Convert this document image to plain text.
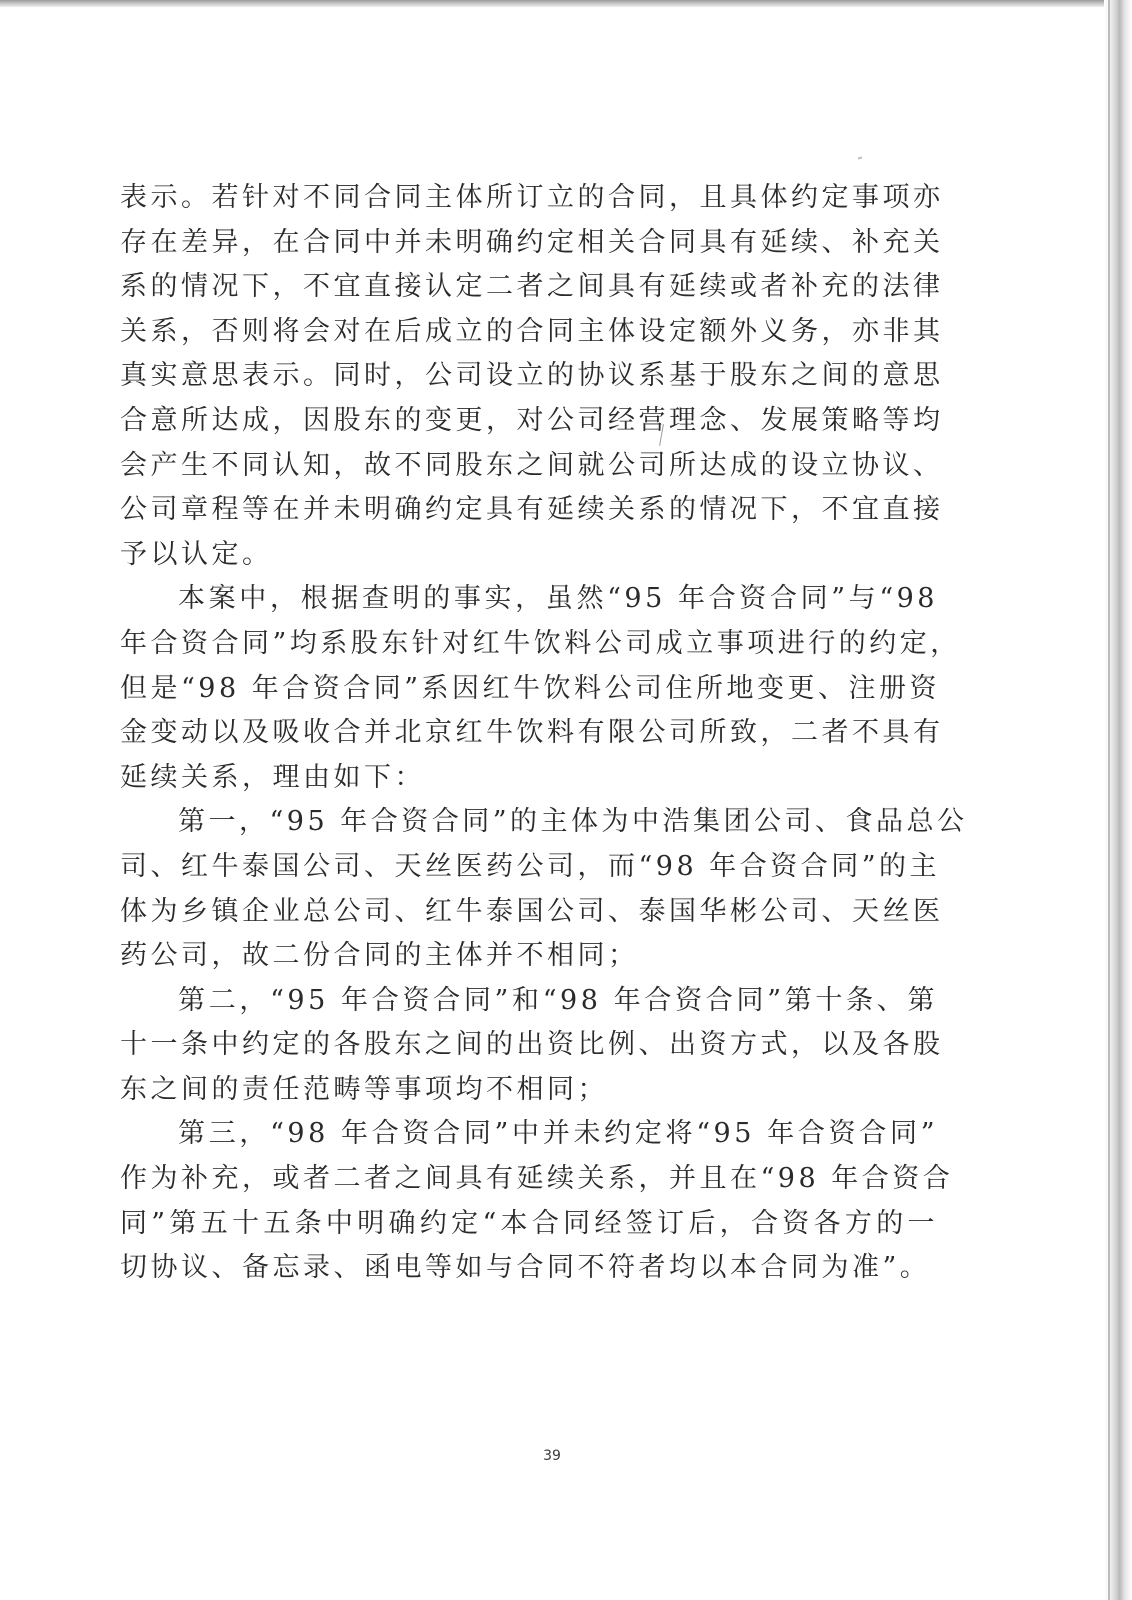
表示。若针对不同合同主体所订立的合同，且具体约定事项亦
存在差异，在合同中并未明确约定相关合同具有延续、补充关
系的情况下，不宜直接认定二者之间具有延续或者补充的法律
关系，否则将会对在后成立的合同主体设定额外义务，亦非其
真实意思表示。同时，公司设立的协议系基于股东之间的意思
合意所达成，因股东的变更，对公司经营理念、发展策略等均
会产生不同认知，故不同股东之间就公司所达成的设立协议、
公司章程等在并未明确约定具有延续关系的情况下，不宜直接
予以认定。
本案中，根据查明的事实，虽然“95 年合资合同”与“98
年合资合同”均系股东针对红牛饮料公司成立事项进行的约定，
但是“98 年合资合同”系因红牛饮料公司住所地变更、注册资
金变动以及吸收合并北京红牛饮料有限公司所致，二者不具有
延续关系，理由如下：
第一，“95 年合资合同”的主体为中浩集团公司、食品总公
司、红牛泰国公司、天丝医药公司，而“98 年合资合同”的主
体为乡镇企业总公司、红牛泰国公司、泰国华彬公司、天丝医
药公司，故二份合同的主体并不相同；
第二，“95 年合资合同”和“98 年合资合同”第十条、第
十一条中约定的各股东之间的出资比例、出资方式，以及各股
东之间的责任范畴等事项均不相同；
第三，“98 年合资合同”中并未约定将“95 年合资合同”
作为补充，或者二者之间具有延续关系，并且在“98 年合资合
同”第五十五条中明确约定“本合同经签订后，合资各方的一
切协议、备忘录、函电等如与合同不符者均以本合同为准”。
39
